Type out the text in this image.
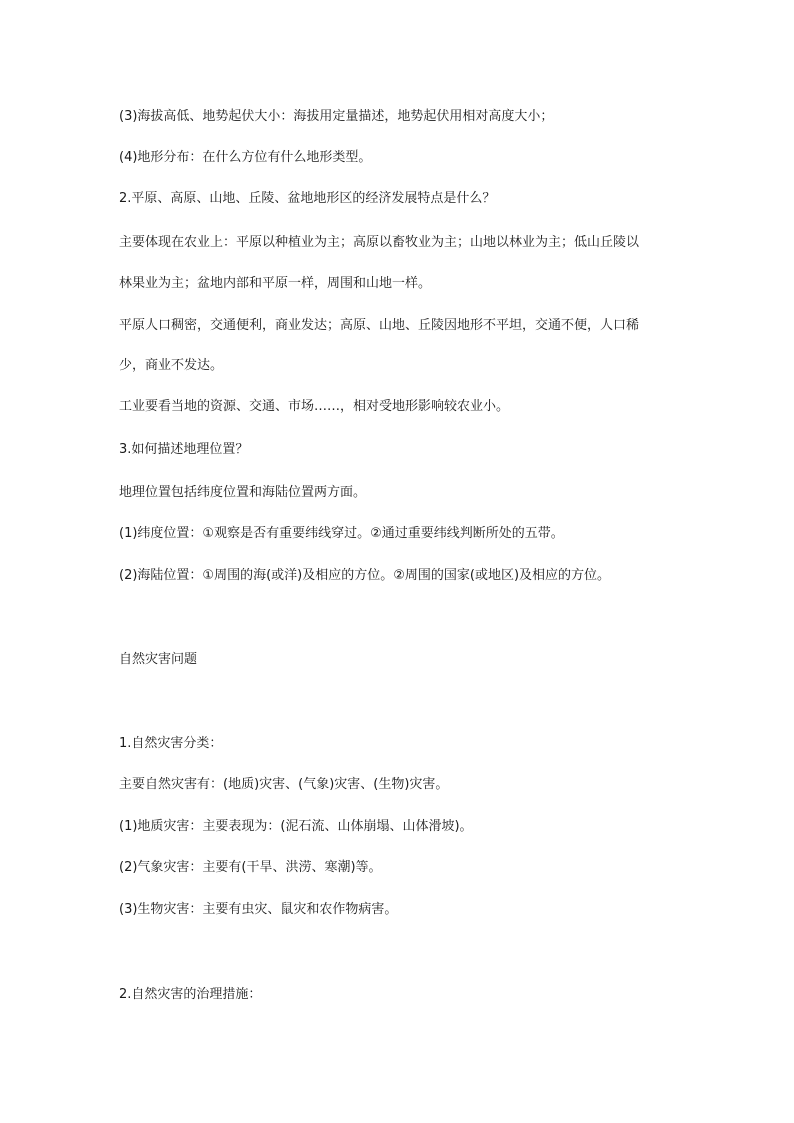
(3)海拔高低、地势起伏大小：海拔用定量描述，地势起伏用相对高度大小；
(4)地形分布：在什么方位有什么地形类型。
2.平原、高原、山地、丘陵、盆地地形区的经济发展特点是什么？
主要体现在农业上：平原以种植业为主；高原以畜牧业为主；山地以林业为主；低山丘陵以
林果业为主；盆地内部和平原一样，周围和山地一样。
平原人口稠密，交通便利，商业发达；高原、山地、丘陵因地形不平坦，交通不便，人口稀
少，商业不发达。
工业要看当地的资源、交通、市场……，相对受地形影响较农业小。
3.如何描述地理位置？
地理位置包括纬度位置和海陆位置两方面。
(1)纬度位置：①观察是否有重要纬线穿过。②通过重要纬线判断所处的五带。
(2)海陆位置：①周围的海(或洋)及相应的方位。②周围的国家(或地区)及相应的方位。
自然灾害问题
1.自然灾害分类：
主要自然灾害有：(地质)灾害、(气象)灾害、(生物)灾害。
(1)地质灾害：主要表现为：(泥石流、山体崩塌、山体滑坡)。
(2)气象灾害：主要有(干旱、洪涝、寒潮)等。
(3)生物灾害：主要有虫灾、鼠灾和农作物病害。
2.自然灾害的治理措施：
